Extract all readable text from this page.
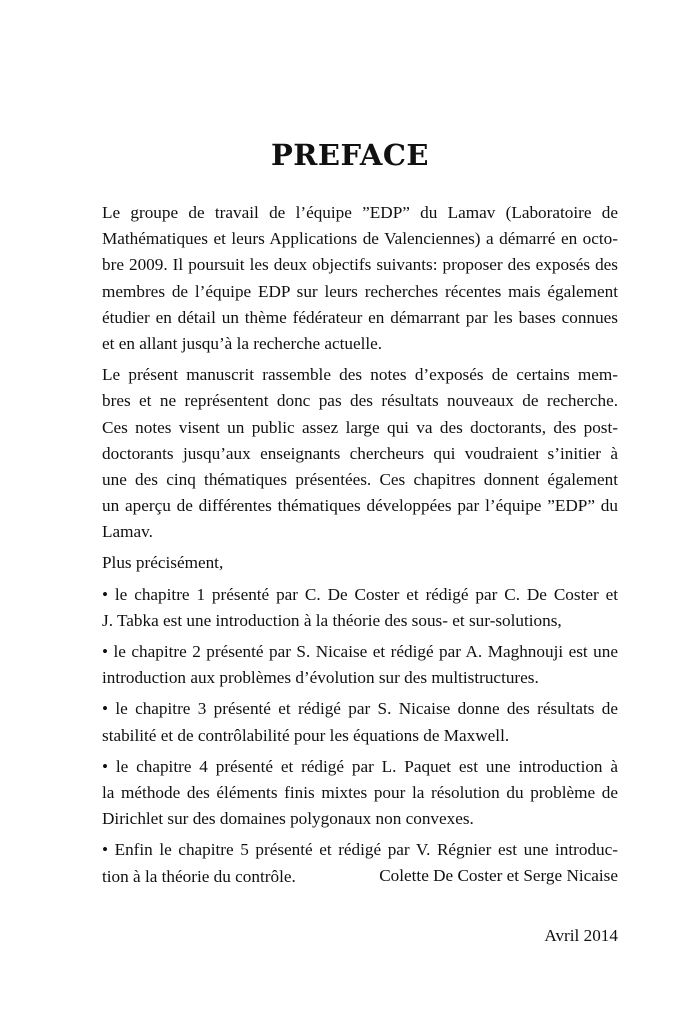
PREFACE
Le groupe de travail de l’équipe ”EDP” du Lamav (Laboratoire de
Mathématiques et leurs Applications de Valenciennes) a démarré en octo-
bre 2009. Il poursuit les deux objectifs suivants: proposer des exposés des
membres de l’équipe EDP sur leurs recherches récentes mais également
étudier en détail un thème fédérateur en démarrant par les bases connues
et en allant jusqu’à la recherche actuelle.
Le présent manuscrit rassemble des notes d’exposés de certains mem-
bres et ne représentent donc pas des résultats nouveaux de recherche.
Ces notes visent un public assez large qui va des doctorants, des post-
doctorants jusqu’aux enseignants chercheurs qui voudraient s’initier à
une des cinq thématiques présentées. Ces chapitres donnent également
un aperçu de différentes thématiques développées par l’équipe ”EDP” du
Lamav.
Plus précisément,
• le chapitre 1 présenté par C. De Coster et rédigé par C. De Coster et
J. Tabka est une introduction à la théorie des sous- et sur-solutions,
• le chapitre 2 présenté par S. Nicaise et rédigé par A. Maghnouji est une
introduction aux problèmes d’évolution sur des multistructures.
• le chapitre 3 présenté et rédigé par S. Nicaise donne des résultats de
stabilité et de contrôlabilité pour les équations de Maxwell.
• le chapitre 4 présenté et rédigé par L. Paquet est une introduction à
la méthode des éléments finis mixtes pour la résolution du problème de
Dirichlet sur des domaines polygonaux non convexes.
• Enfin le chapitre 5 présenté et rédigé par V. Régnier est une introduc-
tion à la théorie du contrôle.	Colette De Coster et Serge Nicaise
Avril 2014
